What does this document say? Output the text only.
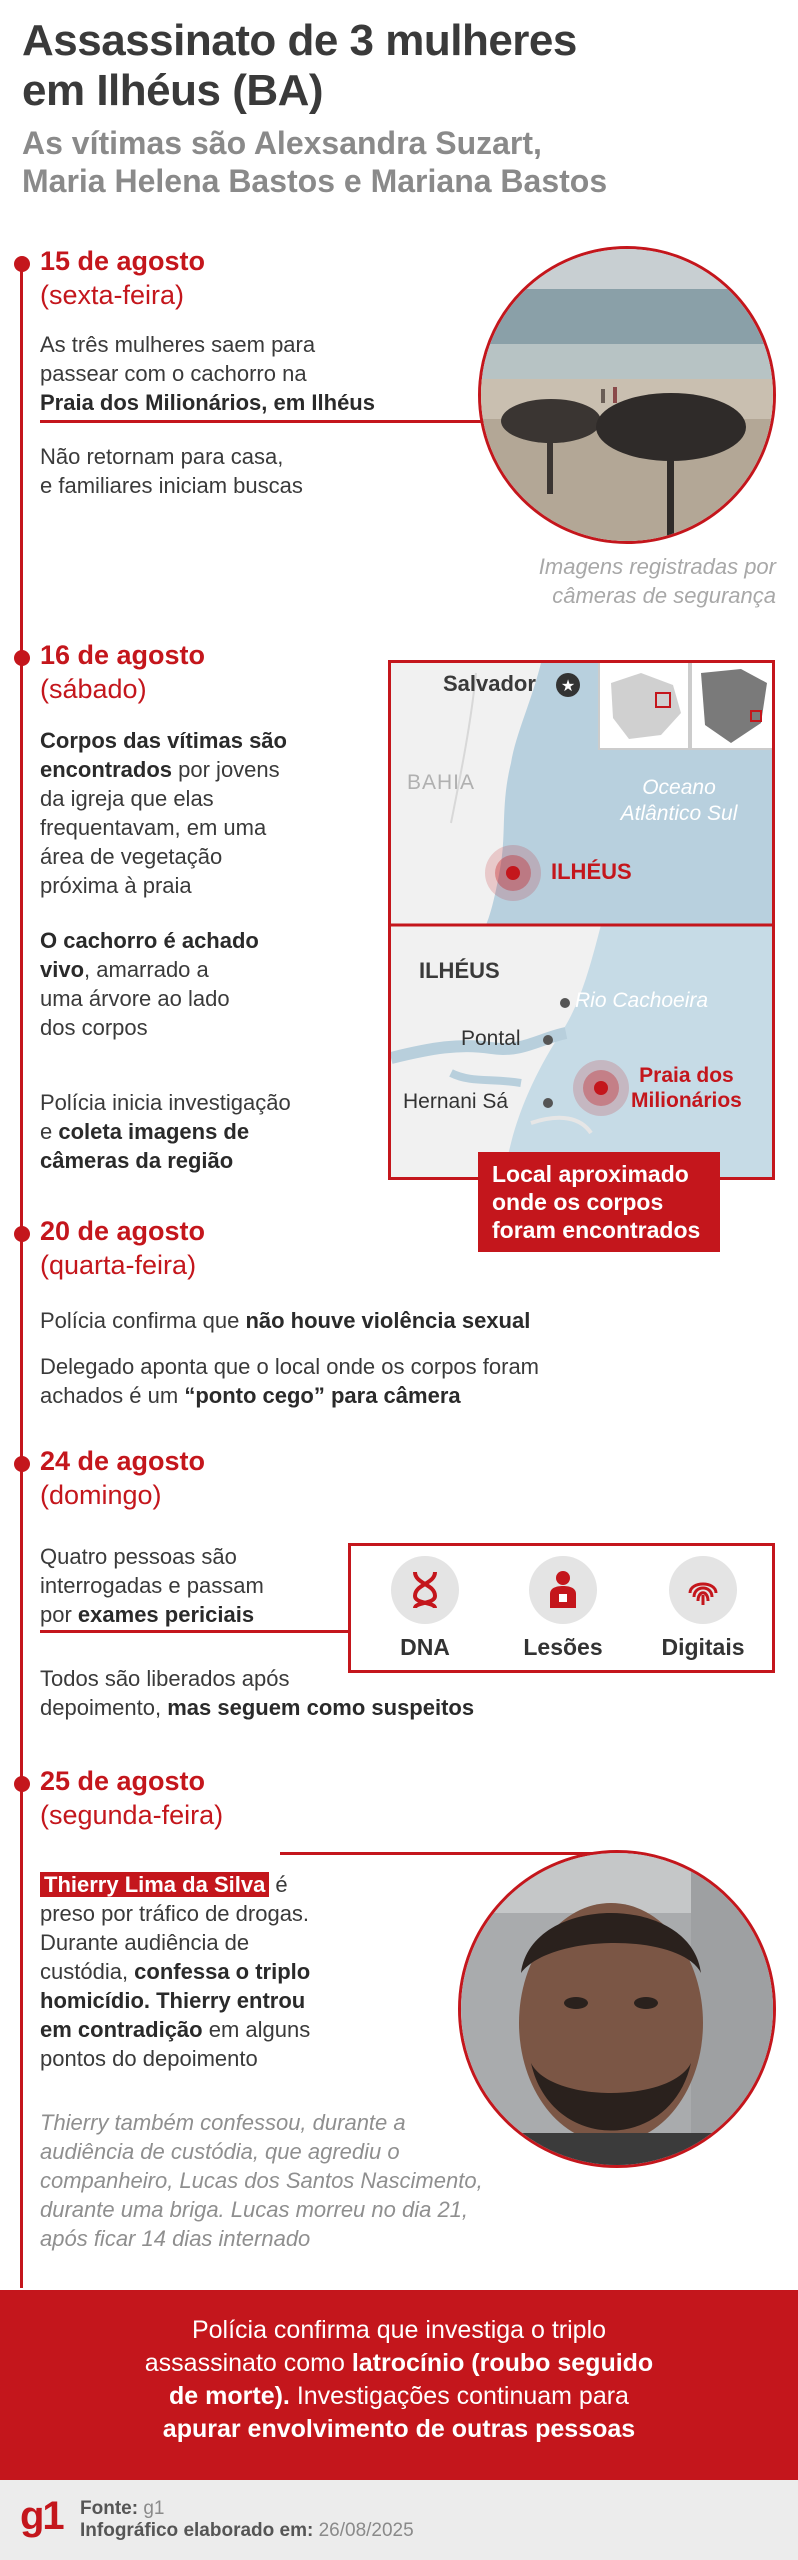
Assassinato de 3 mulheres
em Ilhéus (BA)
As vítimas são Alexsandra Suzart,
Maria Helena Bastos e Mariana Bastos
15 de agosto
(sexta-feira)
As três mulheres saem para
passear com o cachorro na
Praia dos Milionários, em Ilhéus
Não retornam para casa,
e familiares iniciam buscas
Imagens registradas por
câmeras de segurança
16 de agosto
(sábado)
Corpos das vítimas são
encontrados por jovens
da igreja que elas
frequentavam, em uma
área de vegetação
próxima à praia
O cachorro é achado
vivo, amarrado a
uma árvore ao lado
dos corpos
Polícia inicia investigação
e coleta imagens de
câmeras da região
★
Salvador
BAHIA	Oceano
Atlântico Sul
ILHÉUS
ILHÉUS
Rio Cachoeira
Pontal
Hernani Sá
Praia dos
Milionários
Local aproximado
onde os corpos
foram encontrados
20 de agosto
(quarta-feira)
Polícia confirma que não houve violência sexual
Delegado aponta que o local onde os corpos foram
achados é um “ponto cego” para câmera
24 de agosto
(domingo)
Quatro pessoas são
interrogadas e passam
por exames periciais
DNA	Lesões	Digitais
Todos são liberados após
depoimento, mas seguem como suspeitos
25 de agosto
(segunda-feira)
Thierry Lima da Silva é
preso por tráfico de drogas.
Durante audiência de
custódia, confessa o triplo
homicídio. Thierry entrou
em contradição em alguns
pontos do depoimento
Thierry também confessou, durante a
audiência de custódia, que agrediu o
companheiro, Lucas dos Santos Nascimento,
durante uma briga. Lucas morreu no dia 21,
após ficar 14 dias internado
Polícia confirma que investiga o triplo
assassinato como latrocínio (roubo seguido
de morte). Investigações continuam para
apurar envolvimento de outras pessoas
g1 Fonte: g1
Infográfico elaborado em: 26/08/2025
